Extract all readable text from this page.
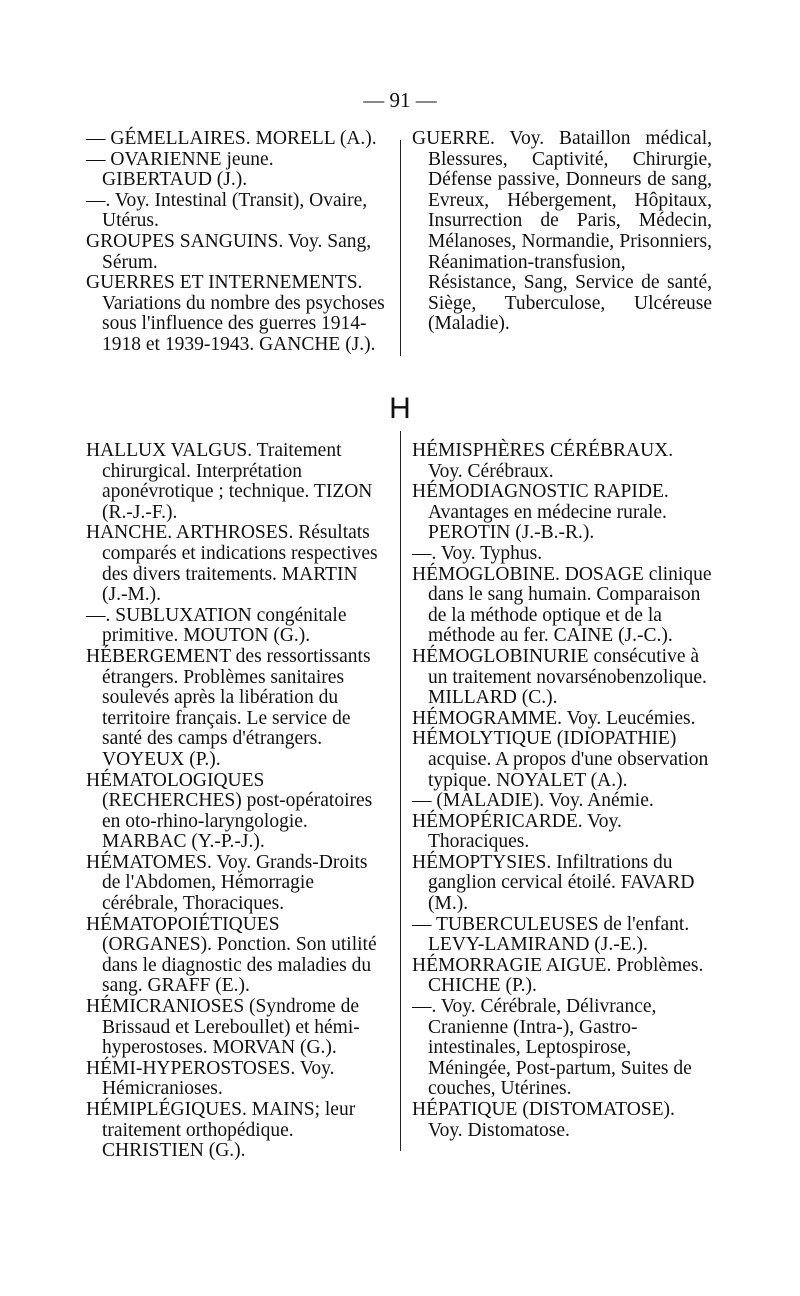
— 91 —
— GÉMELLAIRES. MORELL (A.).
— OVARIENNE jeune. GIBERTAUD (J.).
—. Voy. Intestinal (Transit), Ovaire, Utérus.
GROUPES SANGUINS. Voy. Sang, Sérum.
GUERRES ET INTERNEMENTS. Variations du nombre des psychoses sous l'influence des guerres 1914-1918 et 1939-1943. GANCHE (J.).
GUERRE. Voy. Bataillon médical, Blessures, Captivité, Chirurgie, Défense passive, Donneurs de sang, Evreux, Hébergement, Hôpitaux, Insurrection de Paris, Médecin, Mélanoses, Normandie, Prisonniers, Réanimation-transfusion, Résistance, Sang, Service de santé, Siège, Tuberculose, Ulcéreuse (Maladie).
H
HALLUX VALGUS. Traitement chirurgical. Interprétation aponévrotique ; technique. TIZON (R.-J.-F.).
HANCHE. ARTHROSES. Résultats comparés et indications respectives des divers traitements. MARTIN (J.-M.).
—. SUBLUXATION congénitale primitive. MOUTON (G.).
HÉBERGEMENT des ressortissants étrangers. Problèmes sanitaires soulevés après la libération du territoire français. Le service de santé des camps d'étrangers. VOYEUX (P.).
HÉMATOLOGIQUES (RECHERCHES) post-opératoires en oto-rhino-laryngologie. MARBAC (Y.-P.-J.).
HÉMATOMES. Voy. Grands-Droits de l'Abdomen, Hémorragie cérébrale, Thoraciques.
HÉMATOPOIÉTIQUES (ORGANES). Ponction. Son utilité dans le diagnostic des maladies du sang. GRAFF (E.).
HÉMICRANIOSES (Syndrome de Brissaud et Lereboullet) et hémi-hyperostoses. MORVAN (G.).
HÉMI-HYPEROSTOSES. Voy. Hémicranioses.
HÉMIPLÉGIQUES. MAINS; leur traitement orthopédique. CHRISTIEN (G.).
HÉMISPHÈRES CÉRÉBRAUX. Voy. Cérébraux.
HÉMODIAGNOSTIC RAPIDE. Avantages en médecine rurale. PEROTIN (J.-B.-R.).
—. Voy. Typhus.
HÉMOGLOBINE. DOSAGE clinique dans le sang humain. Comparaison de la méthode optique et de la méthode au fer. CAINE (J.-C.).
HÉMOGLOBINURIE consécutive à un traitement novarsénobenzolique. MILLARD (C.).
HÉMOGRAMME. Voy. Leucémies.
HÉMOLYTIQUE (IDIOPATHIE) acquise. A propos d'une observation typique. NOYALET (A.).
— (MALADIE). Voy. Anémie.
HÉMOPÉRICARDE. Voy. Thoraciques.
HÉMOPTYSIES. Infiltrations du ganglion cervical étoilé. FAVARD (M.).
— TUBERCULEUSES de l'enfant. LEVY-LAMIRAND (J.-E.).
HÉMORRAGIE AIGUE. Problèmes. CHICHE (P.).
—. Voy. Cérébrale, Délivrance, Cranienne (Intra-), Gastro-intestinales, Leptospirose, Méningée, Post-partum, Suites de couches, Utérines.
HÉPATIQUE (DISTOMATOSE). Voy. Distomatose.
